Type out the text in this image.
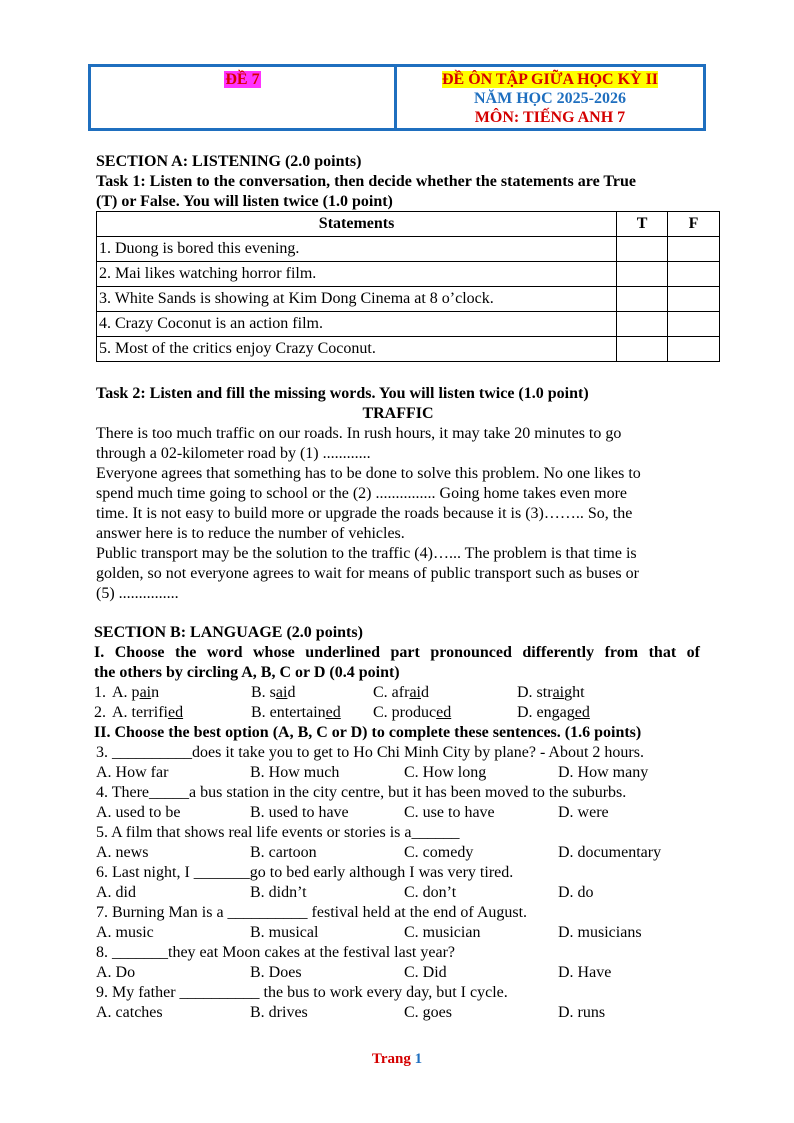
ĐỀ 7	ĐỀ ÔN TẬP GIỮA HỌC KỲ II
NĂM HỌC 2025-2026
MÔN: TIẾNG ANH 7
SECTION A: LISTENING (2.0 points)
Task 1: Listen to the conversation, then decide whether the statements are True
(T) or False. You will listen twice (1.0 point)
Statements	T	F
1. Duong is bored this evening.		
2. Mai likes watching horror film.		
3. White Sands is showing at Kim Dong Cinema at 8 o’clock.		
4. Crazy Coconut is an action film.		
5. Most of the critics enjoy Crazy Coconut.		
Task 2: Listen and fill the missing words. You will listen twice (1.0 point)
TRAFFIC
There is too much traffic on our roads. In rush hours, it may take 20 minutes to go
through a 02-kilometer road by (1) ............
Everyone agrees that something has to be done to solve this problem. No one likes to
spend much time going to school or the (2) ............... Going home takes even more
time. It is not easy to build more or upgrade the roads because it is (3)…….. So, the
answer here is to reduce the number of vehicles.
Public transport may be the solution to the traffic (4)…... The problem is that time is
golden, so not everyone agrees to wait for means of public transport such as buses or
(5) ...............
SECTION B: LANGUAGE (2.0 points)
I. Choose the word whose underlined part pronounced differently from that of
the others by circling A, B, C or D (0.4 point)
1. A. pain	B. said	C. afraid	D. straight
2. A. terrified	B. entertained	C. produced	D. engaged
II. Choose the best option (A, B, C or D) to complete these sentences. (1.6 points)
3. __________does it take you to get to Ho Chi Minh City by plane? - About 2 hours.
A. How far	B. How much	C. How long	D. How many
4. There_____a bus station in the city centre, but it has been moved to the suburbs.
A. used to be	B. used to have	C. use to have	D. were
5. A film that shows real life events or stories is a______
A. news	B. cartoon	C. comedy	D. documentary
6. Last night, I _______go to bed early although I was very tired.
A. did	B. didn’t	C. don’t	D. do
7. Burning Man is a __________ festival held at the end of August.
A. music	B. musical	C. musician	D. musicians
8. _______they eat Moon cakes at the festival last year?
A. Do	B. Does	C. Did	D. Have
9. My father __________ the bus to work every day, but I cycle.
A. catches	B. drives	C. goes	D. runs
Trang 1
